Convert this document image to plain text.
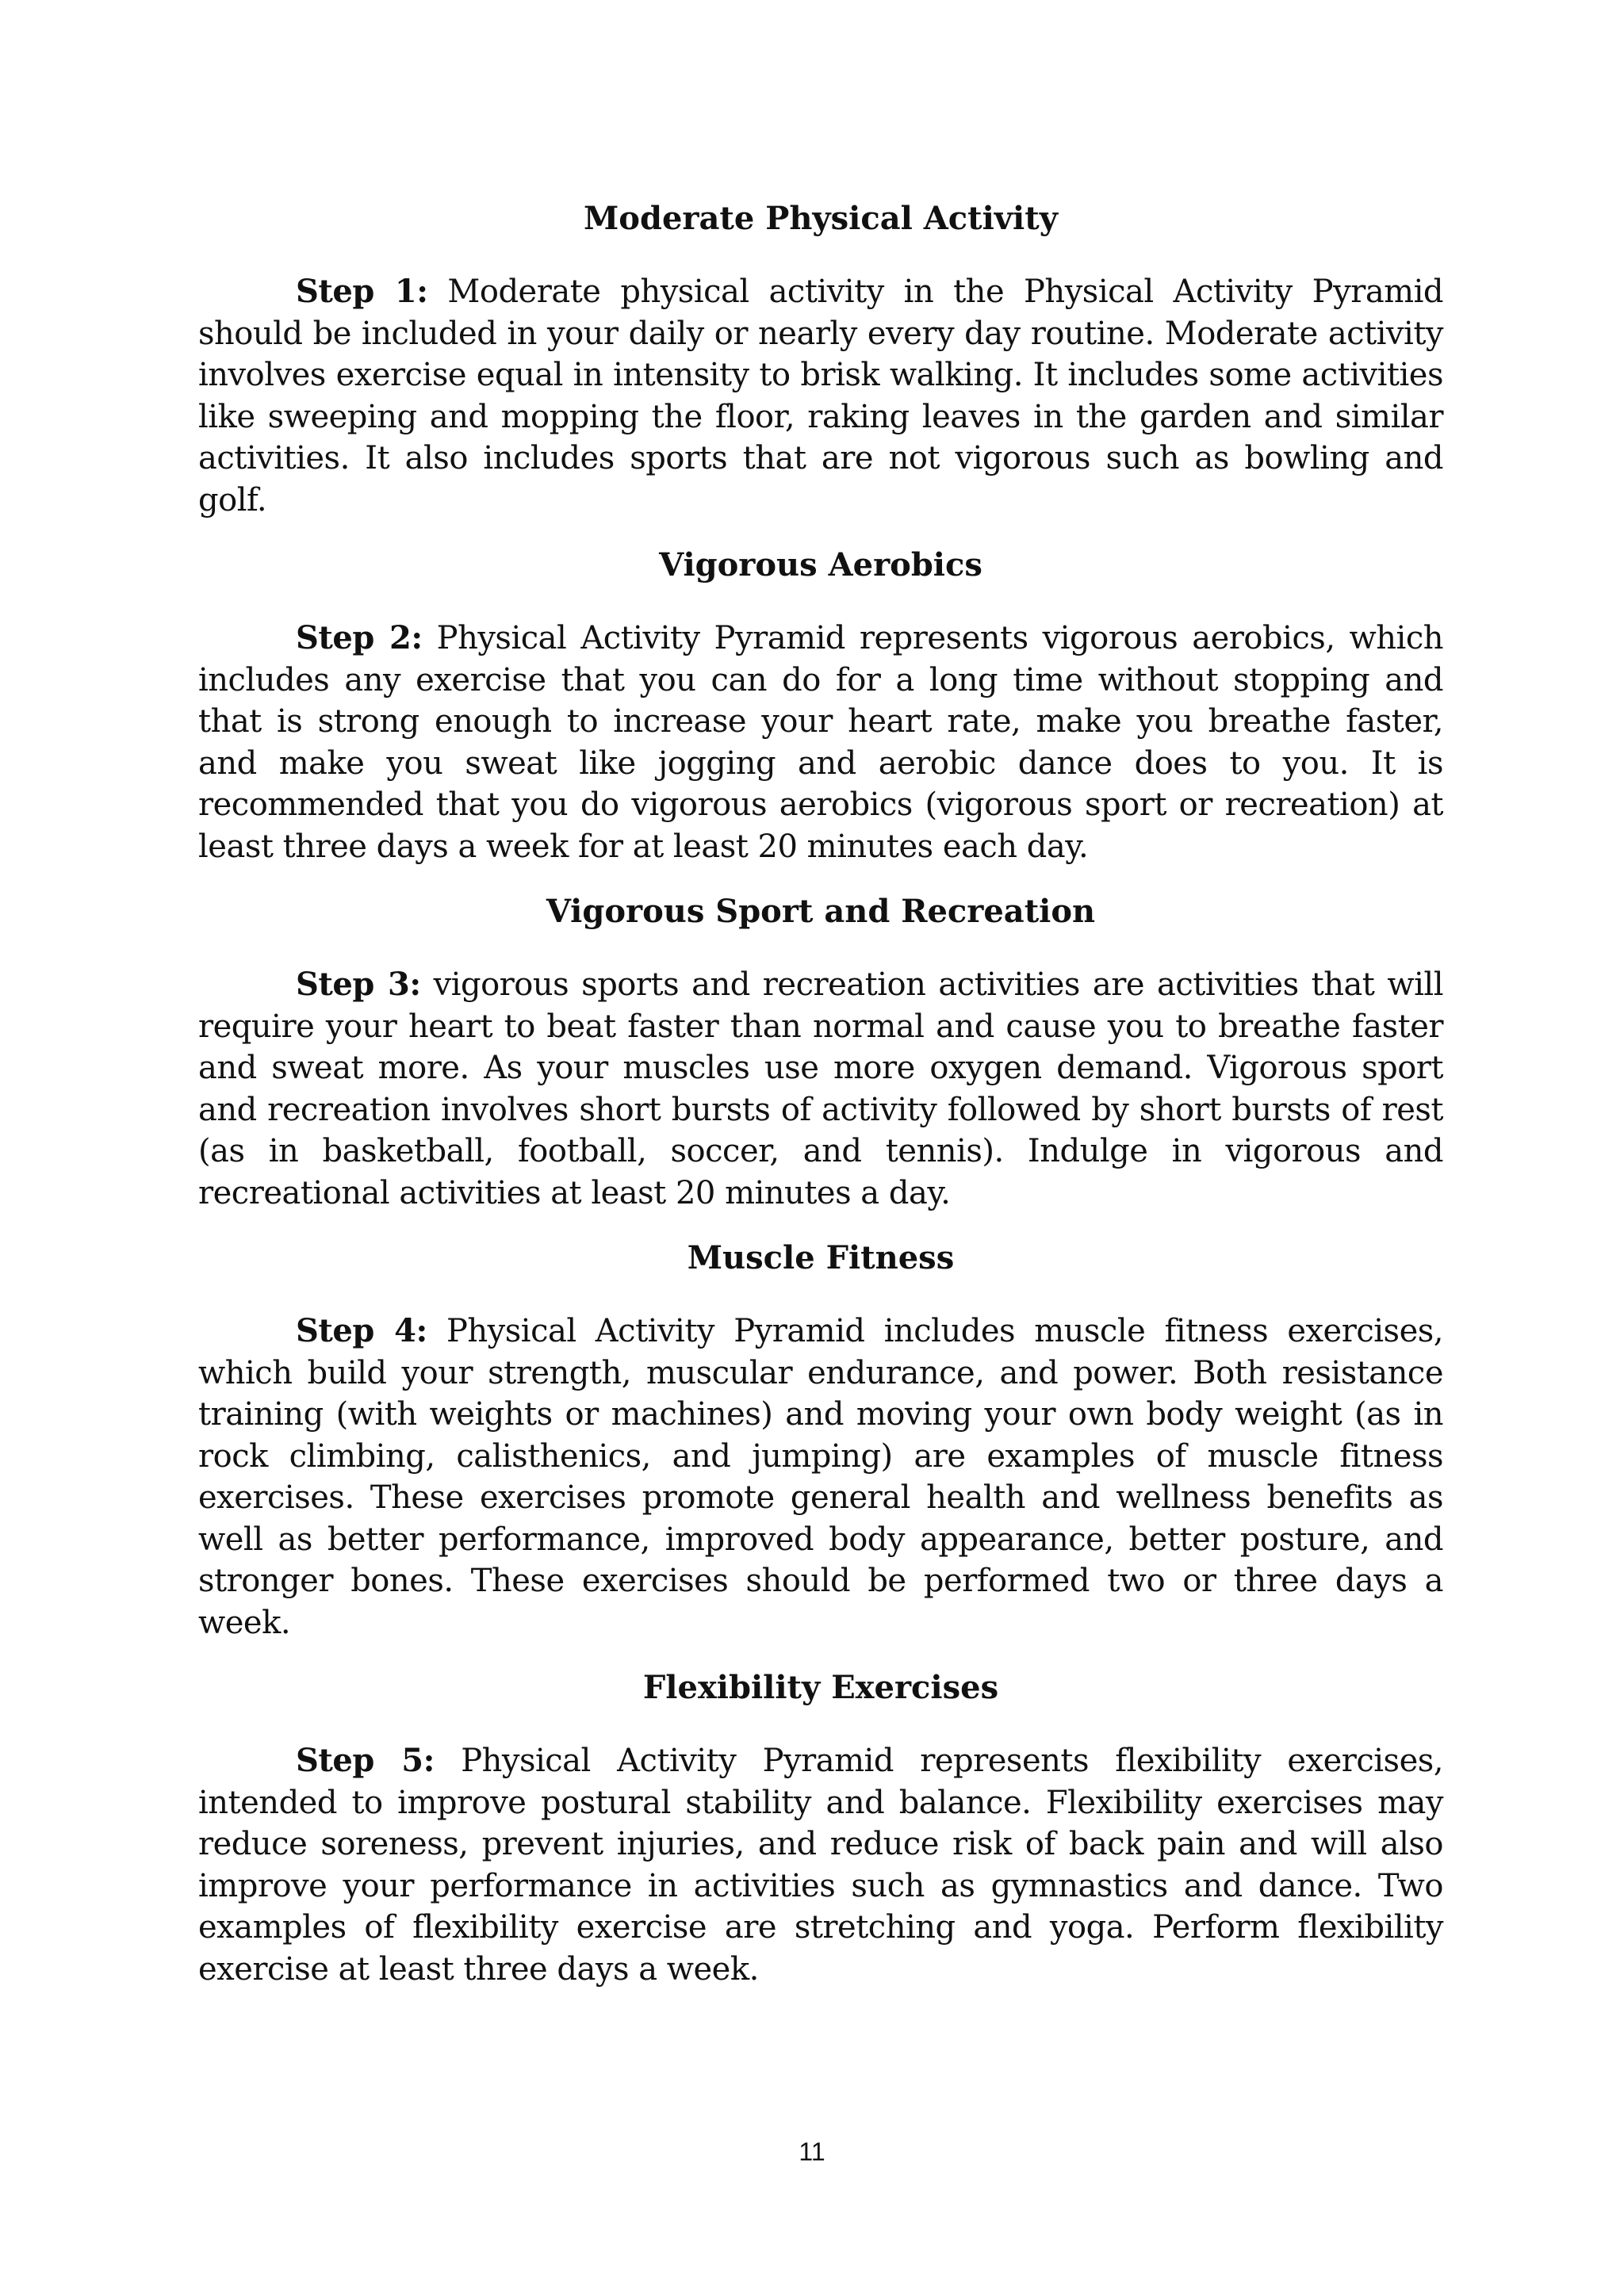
Moderate Physical Activity

Step 1: Moderate physical activity in the Physical Activity Pyramid should be included in your daily or nearly every day routine. Moderate activity involves exercise equal in intensity to brisk walking. It includes some activities like sweeping and mopping the floor, raking leaves in the garden and similar activities. It also includes sports that are not vigorous such as bowling and golf.

Vigorous Aerobics

Step 2: Physical Activity Pyramid represents vigorous aerobics, which includes any exercise that you can do for a long time without stopping and that is strong enough to increase your heart rate, make you breathe faster, and make you sweat like jogging and aerobic dance does to you. It is recommended that you do vigorous aerobics (vigorous sport or recreation) at least three days a week for at least 20 minutes each day.

Vigorous Sport and Recreation

Step 3: vigorous sports and recreation activities are activities that will require your heart to beat faster than normal and cause you to breathe faster and sweat more. As your muscles use more oxygen demand. Vigorous sport and recreation involves short bursts of activity followed by short bursts of rest (as in basketball, football, soccer, and tennis). Indulge in vigorous and recreational activities at least 20 minutes a day.

Muscle Fitness

Step 4: Physical Activity Pyramid includes muscle fitness exercises, which build your strength, muscular endurance, and power. Both resistance training (with weights or machines) and moving your own body weight (as in rock climbing, calisthenics, and jumping) are examples of muscle fitness exercises. These exercises promote general health and wellness benefits as well as better performance, improved body appearance, better posture, and stronger bones. These exercises should be performed two or three days a week.

Flexibility Exercises

Step 5: Physical Activity Pyramid represents flexibility exercises, intended to improve postural stability and balance. Flexibility exercises may reduce soreness, prevent injuries, and reduce risk of back pain and will also improve your performance in activities such as gymnastics and dance. Two examples of flexibility exercise are stretching and yoga. Perform flexibility exercise at least three days a week.

11
